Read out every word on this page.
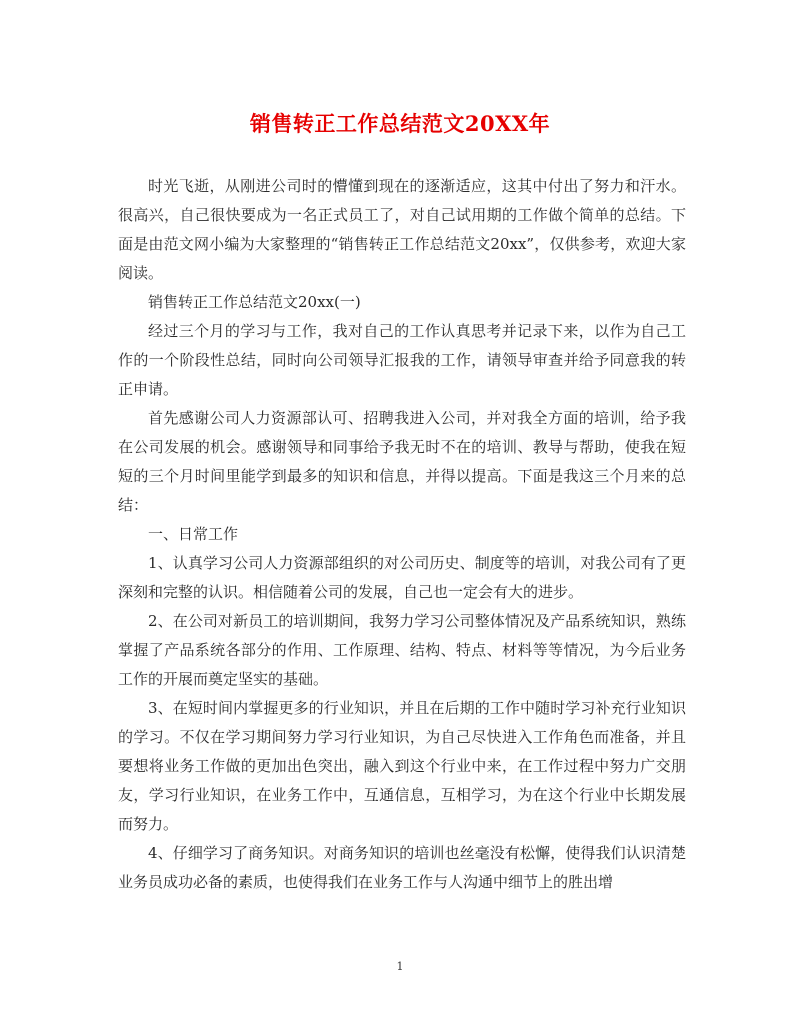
销售转正工作总结范文20XX年

时光飞逝，从刚进公司时的懵懂到现在的逐渐适应，这其中付出了努力和汗水。很高兴，自己很快要成为一名正式员工了，对自己试用期的工作做个简单的总结。下面是由范文网小编为大家整理的“销售转正工作总结范文20xx”，仅供参考，欢迎大家阅读。

销售转正工作总结范文20xx(一)

经过三个月的学习与工作，我对自己的工作认真思考并记录下来，以作为自己工作的一个阶段性总结，同时向公司领导汇报我的工作，请领导审查并给予同意我的转正申请。

首先感谢公司人力资源部认可、招聘我进入公司，并对我全方面的培训，给予我在公司发展的机会。感谢领导和同事给予我无时不在的培训、教导与帮助，使我在短短的三个月时间里能学到最多的知识和信息，并得以提高。下面是我这三个月来的总结：

一、日常工作

1、认真学习公司人力资源部组织的对公司历史、制度等的培训，对我公司有了更深刻和完整的认识。相信随着公司的发展，自己也一定会有大的进步。

2、在公司对新员工的培训期间，我努力学习公司整体情况及产品系统知识，熟练掌握了产品系统各部分的作用、工作原理、结构、特点、材料等等情况，为今后业务工作的开展而奠定坚实的基础。

3、在短时间内掌握更多的行业知识，并且在后期的工作中随时学习补充行业知识的学习。不仅在学习期间努力学习行业知识，为自己尽快进入工作角色而准备，并且要想将业务工作做的更加出色突出，融入到这个行业中来，在工作过程中努力广交朋友，学习行业知识，在业务工作中，互通信息，互相学习，为在这个行业中长期发展而努力。

4、仔细学习了商务知识。对商务知识的培训也丝毫没有松懈，使得我们认识清楚业务员成功必备的素质，也使得我们在业务工作与人沟通中细节上的胜出增

1
